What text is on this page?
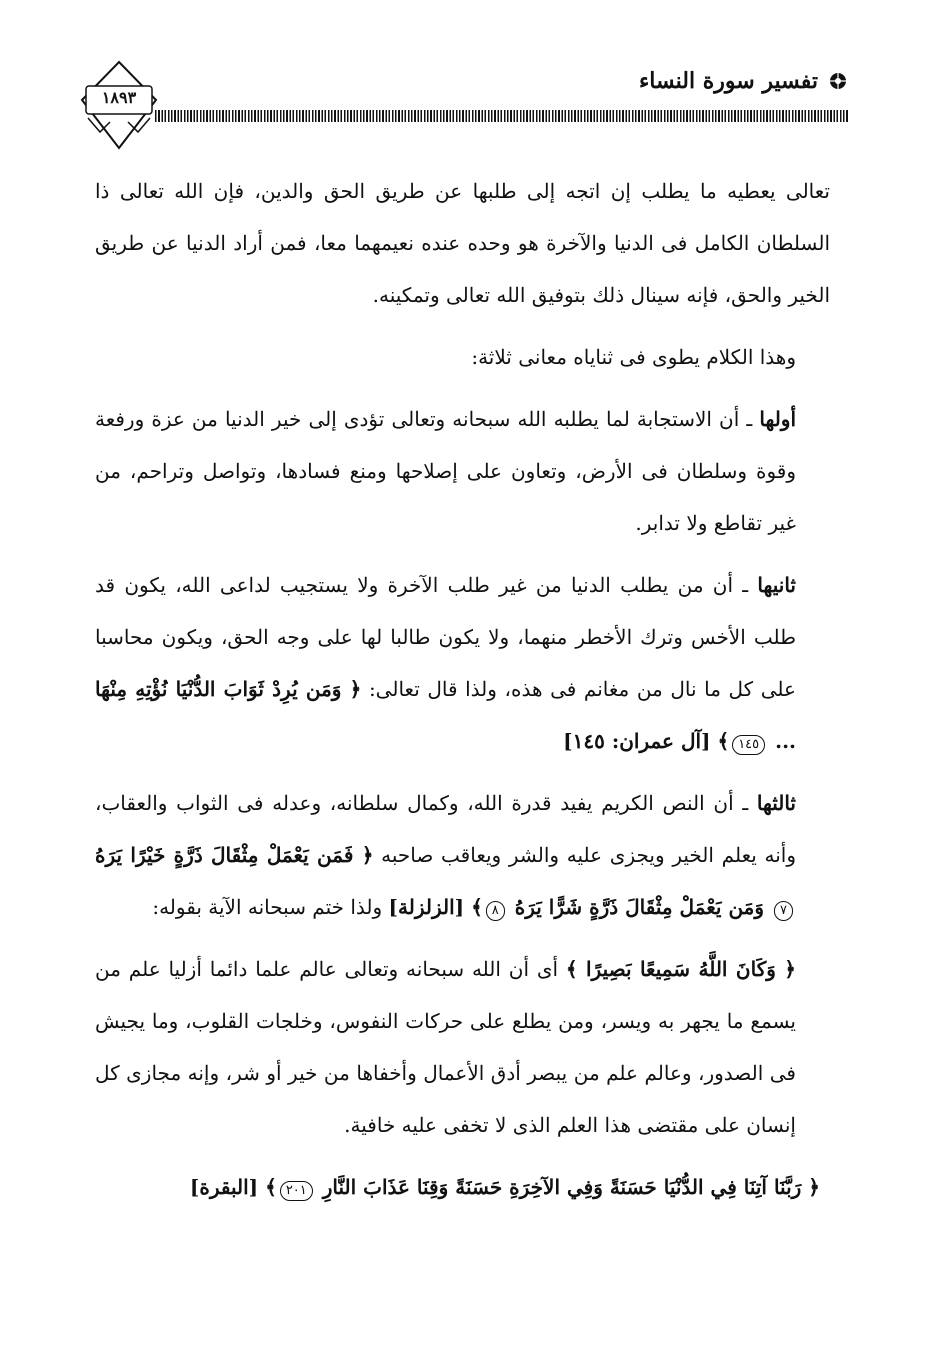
تفسير سورة النساء
١٨٩٣

تعالى يعطيه ما يطلب إن اتجه إلى طلبها عن طريق الحق والدين، فإن الله تعالى ذا السلطان الكامل فى الدنيا والآخرة هو وحده عنده نعيمهما معا، فمن أراد الدنيا عن طريق الخير والحق، فإنه سينال ذلك بتوفيق الله تعالى وتمكينه.

وهذا الكلام يطوى فى ثناياه معانى ثلاثة:

أولها ـ أن الاستجابة لما يطلبه الله سبحانه وتعالى تؤدى إلى خير الدنيا من عزة ورفعة وقوة وسلطان فى الأرض، وتعاون على إصلاحها ومنع فسادها، وتواصل وتراحم، من غير تقاطع ولا تدابر.

ثانيها ـ أن من يطلب الدنيا من غير طلب الآخرة ولا يستجيب لداعى الله، يكون قد طلب الأخس وترك الأخطر منهما، ولا يكون طالبا لها على وجه الحق، ويكون محاسبا على كل ما نال من مغانم فى هذه، ولذا قال تعالى: ﴿ وَمَن يُرِدْ ثَوَابَ الدُّنْيَا نُؤْتِهِ مِنْهَا ... ١٤٥﴾ [آل عمران: ١٤٥]

ثالثها ـ أن النص الكريم يفيد قدرة الله، وكمال سلطانه، وعدله فى الثواب والعقاب، وأنه يعلم الخير ويجزى عليه والشر ويعاقب صاحبه ﴿ فَمَن يَعْمَلْ مِثْقَالَ ذَرَّةٍ خَيْرًا يَرَهُ ٧ وَمَن يَعْمَلْ مِثْقَالَ ذَرَّةٍ شَرًّا يَرَهُ ٨﴾ [الزلزلة] ولذا ختم سبحانه الآية بقوله:

﴿ وَكَانَ اللَّهُ سَمِيعًا بَصِيرًا ﴾ أى أن الله سبحانه وتعالى عالم علما دائما أزليا علم من يسمع ما يجهر به ويسر، ومن يطلع على حركات النفوس، وخلجات القلوب، وما يجيش فى الصدور، وعالم علم من يبصر أدق الأعمال وأخفاها من خير أو شر، وإنه مجازى كل إنسان على مقتضى هذا العلم الذى لا تخفى عليه خافية.

﴿ رَبَّنَا آتِنَا فِي الدُّنْيَا حَسَنَةً وَفِي الآخِرَةِ حَسَنَةً وَقِنَا عَذَابَ النَّارِ ٢٠١﴾ [البقرة]
